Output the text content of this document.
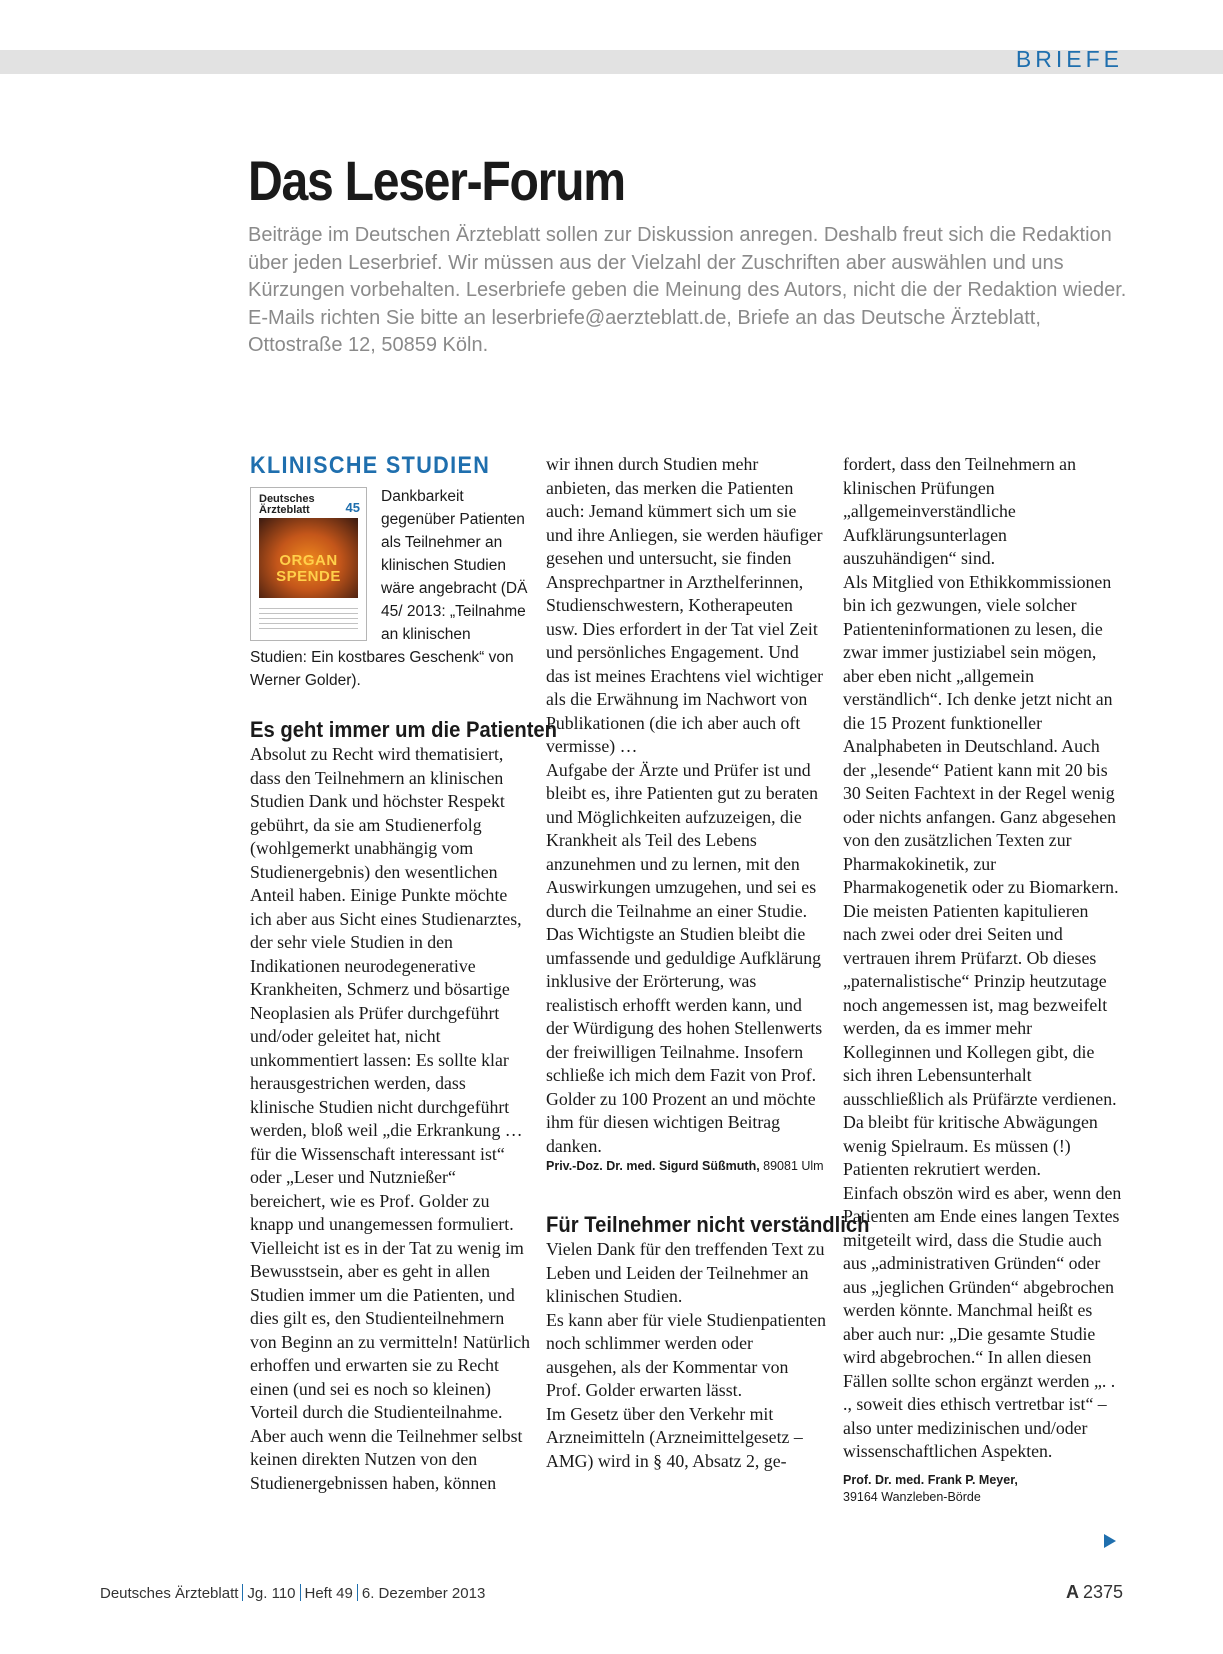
BRIEFE
Das Leser-Forum

Beiträge im Deutschen Ärzteblatt sollen zur Diskussion anregen. Deshalb freut sich die Redaktion über jeden Leserbrief. Wir müssen aus der Vielzahl der Zuschriften aber auswählen und uns Kürzungen vorbehalten. Leserbriefe geben die Meinung des Autors, nicht die der Redaktion wieder. E-Mails richten Sie bitte an leserbriefe@aerzteblatt.de, Briefe an das Deutsche Ärzteblatt, Ottostraße 12, 50859 Köln.

KLINISCHE STUDIEN
Deutsches Ärzteblatt	45
ORGAN SPENDE

Dankbarkeit gegenüber Patienten als Teilnehmer an klinischen Studien wäre angebracht (DÄ 45/ 2013: „Teilnahme an klinischen Studien: Ein kostbares Geschenk“ von Werner Golder).

Es geht immer um die Patienten

Absolut zu Recht wird thematisiert, dass den Teilnehmern an klinischen Studien Dank und höchster Respekt gebührt, da sie am Studienerfolg (wohlgemerkt unabhängig vom Studienergebnis) den wesentlichen Anteil haben. Einige Punkte möchte ich aber aus Sicht eines Studienarztes, der sehr viele Studien in den Indikationen neurodegenerative Krankheiten, Schmerz und bösartige Neoplasien als Prüfer durchgeführt und/oder geleitet hat, nicht unkommentiert lassen: Es sollte klar herausgestrichen werden, dass klinische Studien nicht durchgeführt werden, bloß weil „die Erkrankung … für die Wissenschaft interessant ist“ oder „Leser und Nutznießer“ bereichert, wie es Prof. Golder zu knapp und unangemessen formuliert. Vielleicht ist es in der Tat zu wenig im Bewusstsein, aber es geht in allen Studien immer um die Patienten, und dies gilt es, den Studienteilnehmern von Beginn an zu vermitteln! Natürlich erhoffen und erwarten sie zu Recht einen (und sei es noch so kleinen) Vorteil durch die Studienteilnahme. Aber auch wenn die Teilnehmer selbst keinen direkten Nutzen von den Studienergebnissen haben, können

wir ihnen durch Studien mehr anbieten, das merken die Patienten auch: Jemand kümmert sich um sie und ihre Anliegen, sie werden häufiger gesehen und untersucht, sie finden Ansprechpartner in Arzthelferinnen, Studienschwestern, Kotherapeuten usw. Dies erfordert in der Tat viel Zeit und persönliches Engagement. Und das ist meines Erachtens viel wichtiger als die Erwähnung im Nachwort von Publikationen (die ich aber auch oft vermisse) …

Aufgabe der Ärzte und Prüfer ist und bleibt es, ihre Patienten gut zu beraten und Möglichkeiten aufzuzeigen, die Krankheit als Teil des Lebens anzunehmen und zu lernen, mit den Auswirkungen umzugehen, und sei es durch die Teilnahme an einer Studie. Das Wichtigste an Studien bleibt die umfassende und geduldige Aufklärung inklusive der Erörterung, was realistisch erhofft werden kann, und der Würdigung des hohen Stellenwerts der freiwilligen Teilnahme. Insofern schließe ich mich dem Fazit von Prof. Golder zu 100 Prozent an und möchte ihm für diesen wichtigen Beitrag danken.

Priv.-Doz. Dr. med. Sigurd Süßmuth, 89081 Ulm

Für Teilnehmer nicht verständlich

Vielen Dank für den treffenden Text zu Leben und Leiden der Teilnehmer an klinischen Studien.

Es kann aber für viele Studienpatienten noch schlimmer werden oder ausgehen, als der Kommentar von Prof. Golder erwarten lässt.

Im Gesetz über den Verkehr mit Arzneimitteln (Arzneimittelgesetz – AMG) wird in § 40, Absatz 2, ge-

fordert, dass den Teilnehmern an klinischen Prüfungen „allgemeinverständliche Aufklärungsunterlagen auszuhändigen“ sind.

Als Mitglied von Ethikkommissionen bin ich gezwungen, viele solcher Patienteninformationen zu lesen, die zwar immer justiziabel sein mögen, aber eben nicht „allgemein verständlich“. Ich denke jetzt nicht an die 15 Prozent funktioneller Analphabeten in Deutschland. Auch der „lesende“ Patient kann mit 20 bis 30 Seiten Fachtext in der Regel wenig oder nichts anfangen. Ganz abgesehen von den zusätzlichen Texten zur Pharmakokinetik, zur Pharmakogenetik oder zu Biomarkern. Die meisten Patienten kapitulieren nach zwei oder drei Seiten und vertrauen ihrem Prüfarzt. Ob dieses „paternalistische“ Prinzip heutzutage noch angemessen ist, mag bezweifelt werden, da es immer mehr Kolleginnen und Kollegen gibt, die sich ihren Lebensunterhalt ausschließlich als Prüfärzte verdienen. Da bleibt für kritische Abwägungen wenig Spielraum. Es müssen (!) Patienten rekrutiert werden.

Einfach obszön wird es aber, wenn den Patienten am Ende eines langen Textes mitgeteilt wird, dass die Studie auch aus „administrativen Gründen“ oder aus „jeglichen Gründen“ abgebrochen werden könnte. Manchmal heißt es aber auch nur: „Die gesamte Studie wird abgebrochen.“ In allen diesen Fällen sollte schon ergänzt werden „. . ., soweit dies ethisch vertretbar ist“ – also unter medizinischen und/oder wissenschaftlichen Aspekten.

Prof. Dr. med. Frank P. Meyer,
39164 Wanzleben-Börde

Deutsches Ärzteblatt Jg. 110 Heft 49 6. Dezember 2013	A 2375
